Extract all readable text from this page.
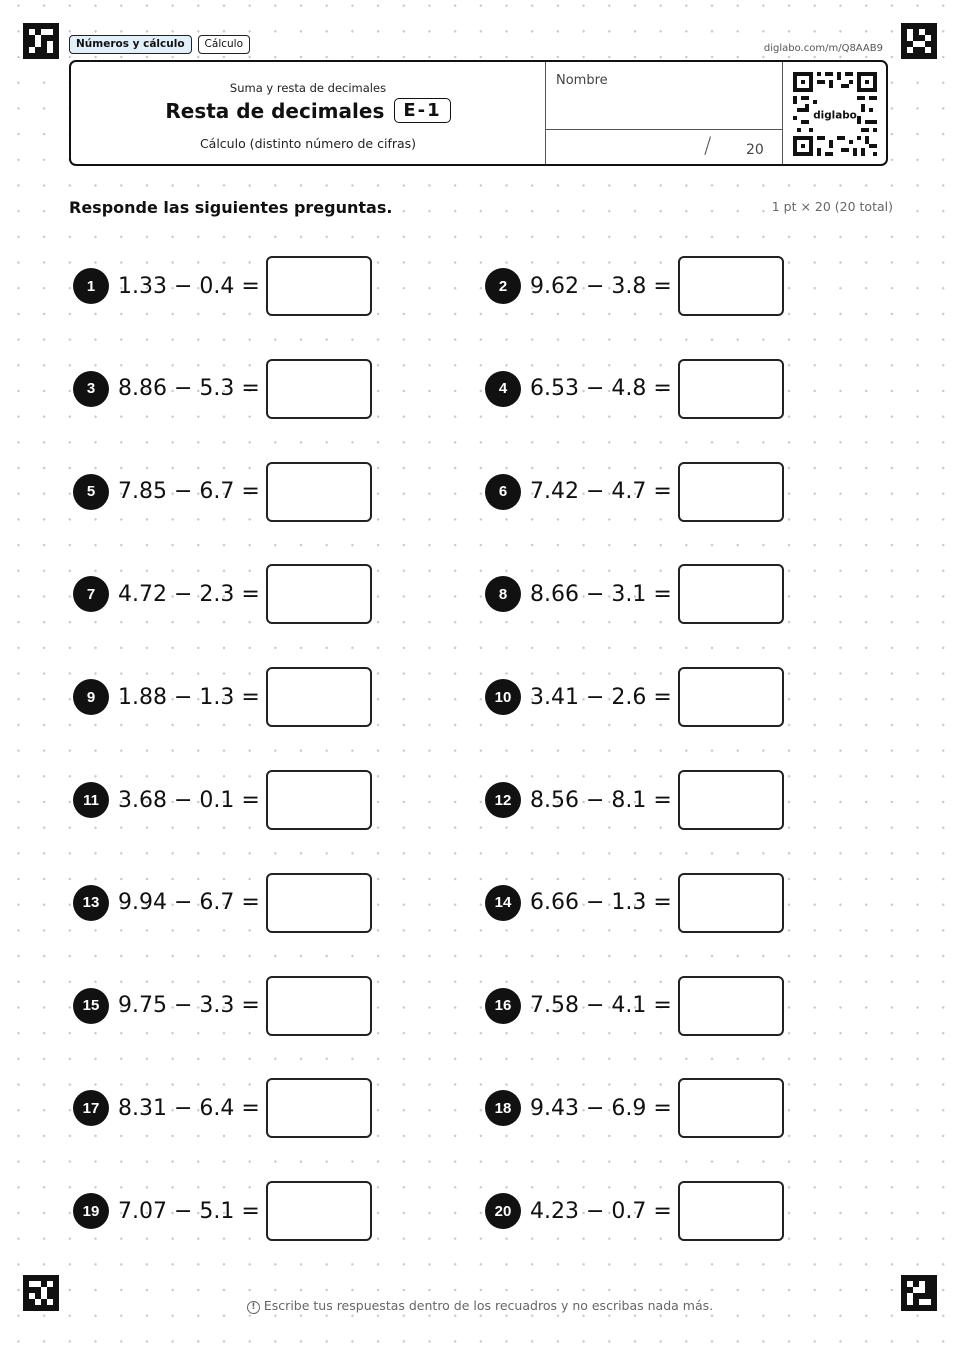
Números y cálculo	Cálculo	diglabo.com/m/Q8AAB9
Suma y resta de decimales
Resta de decimales	E-1
Cálculo (distinto número de cifras)
Nombre
/ 20
diglabo
Responde las siguientes preguntas.	1 pt × 20 (20 total)
1	1.33 − 0.4 =	2	9.62 − 3.8 =
3	8.86 − 5.3 =	4	6.53 − 4.8 =
5	7.85 − 6.7 =	6	7.42 − 4.7 =
7	4.72 − 2.3 =	8	8.66 − 3.1 =
9	1.88 − 1.3 =	10 3.41 − 2.6 =
11 3.68 − 0.1 =	12 8.56 − 8.1 =
13 9.94 − 6.7 =	14 6.66 − 1.3 =
15 9.75 − 3.3 =	16 7.58 − 4.1 =
17 8.31 − 6.4 =	18 9.43 − 6.9 =
19 7.07 − 5.1 =	20 4.23 − 0.7 =
! Escribe tus respuestas dentro de los recuadros y no escribas nada más.
